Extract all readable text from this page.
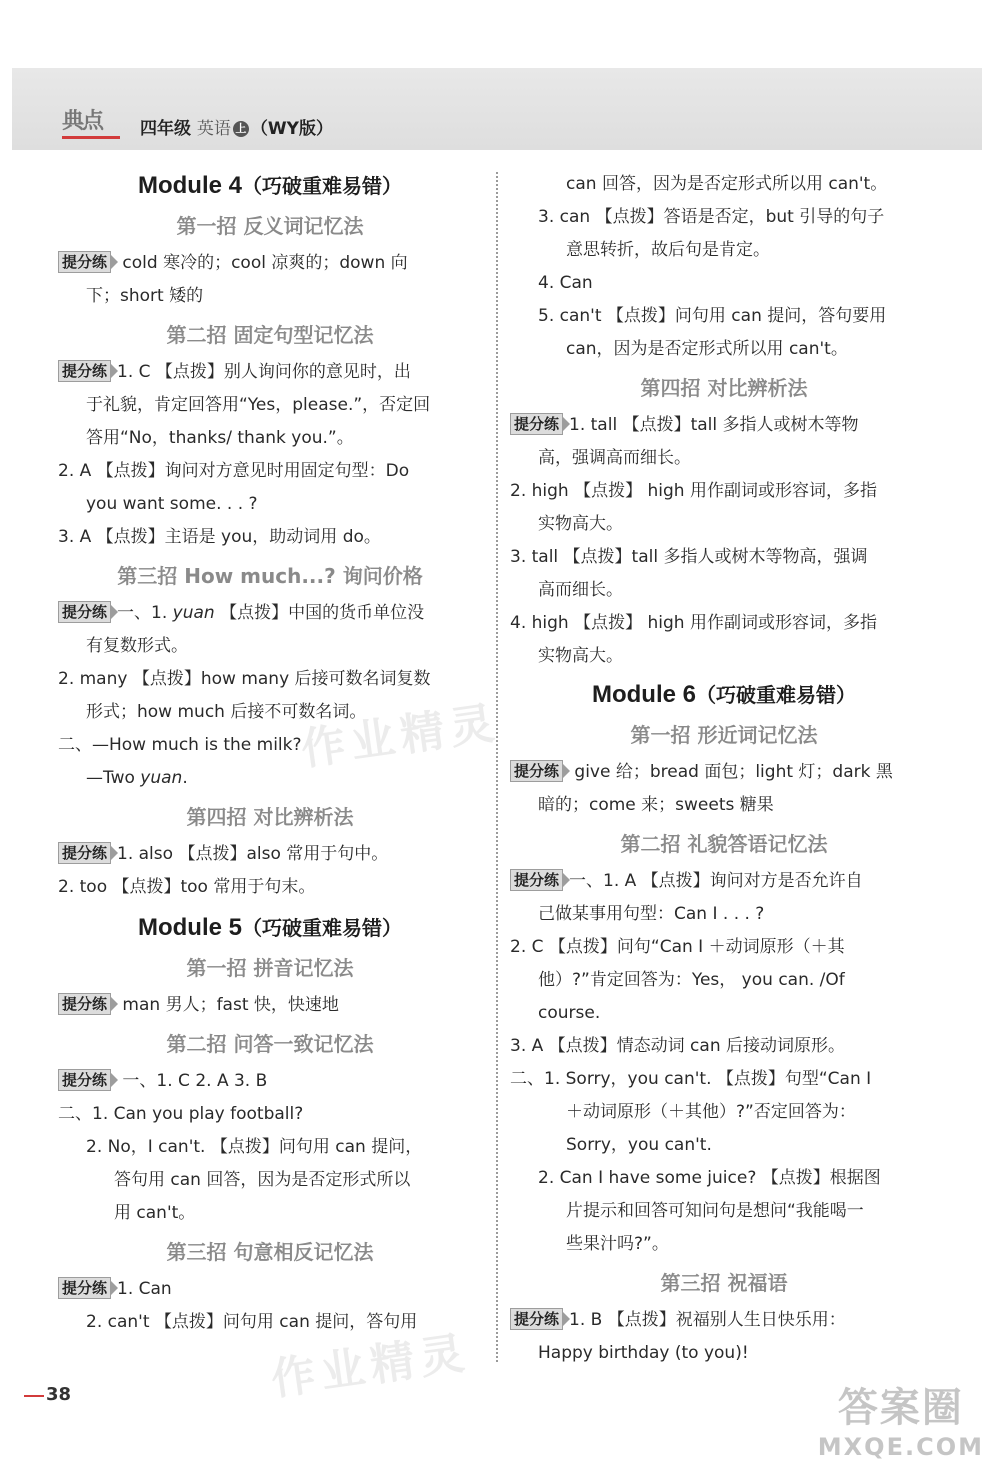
典点	四年级 英语 上 （WY版）
Module 4（巧破重难易错）
第一招 反义词记忆法

提分练 cold 寒冷的；cool 凉爽的；down 向

下；short 矮的

第二招 固定句型记忆法

提分练 1. C 【点拨】别人询问你的意见时，出

于礼貌，肯定回答用“Yes，please.”，否定回

答用“No，thanks/ thank you.”。

2. A 【点拨】询问对方意见时用固定句型：Do

you want some. . . ?

3. A 【点拨】主语是 you，助动词用 do。

第三招 How much...? 询问价格

提分练 一、1. yuan 【点拨】中国的货币单位没

有复数形式。

2. many 【点拨】how many 后接可数名词复数

形式；how much 后接不可数名词。

二、—How much is the milk?

—Two yuan.

第四招 对比辨析法

提分练 1. also 【点拨】also 常用于句中。

2. too 【点拨】too 常用于句末。

Module 5（巧破重难易错）
第一招 拼音记忆法

提分练 man 男人；fast 快，快速地

第二招 问答一致记忆法

提分练 一、1. C 2. A 3. B

二、1. Can you play football?

2. No，I can't. 【点拨】问句用 can 提问，

答句用 can 回答，因为是否定形式所以

用 can't。

第三招 句意相反记忆法

提分练 1. Can

2. can't 【点拨】问句用 can 提问，答句用

can 回答，因为是否定形式所以用 can't。

3. can 【点拨】答语是否定，but 引导的句子

意思转折，故后句是肯定。

4. Can

5. can't 【点拨】问句用 can 提问，答句要用

can，因为是否定形式所以用 can't。

第四招 对比辨析法

提分练 1. tall 【点拨】tall 多指人或树木等物

高，强调高而细长。

2. high 【点拨】 high 用作副词或形容词，多指

实物高大。

3. tall 【点拨】tall 多指人或树木等物高，强调

高而细长。

4. high 【点拨】 high 用作副词或形容词，多指

实物高大。

Module 6（巧破重难易错）
第一招 形近词记忆法

提分练 give 给；bread 面包；light 灯；dark 黑

暗的；come 来；sweets 糖果

第二招 礼貌答语记忆法

提分练 一、1. A 【点拨】询问对方是否允许自

己做某事用句型：Can I . . . ?

2. C 【点拨】问句“Can I ＋动词原形（＋其

他）?”肯定回答为：Yes， you can. /Of

course.

3. A 【点拨】情态动词 can 后接动词原形。

二、1. Sorry，you can't. 【点拨】句型“Can I

＋动词原形（＋其他）?”否定回答为：

Sorry，you can't.

2. Can I have some juice? 【点拨】根据图

片提示和回答可知问句是想问“我能喝一

些果汁吗?”。

第三招 祝福语

提分练 1. B 【点拨】祝福别人生日快乐用：

Happy birthday (to you)!

38
作业精灵
作业精灵
答案圈
MXQE.COM
